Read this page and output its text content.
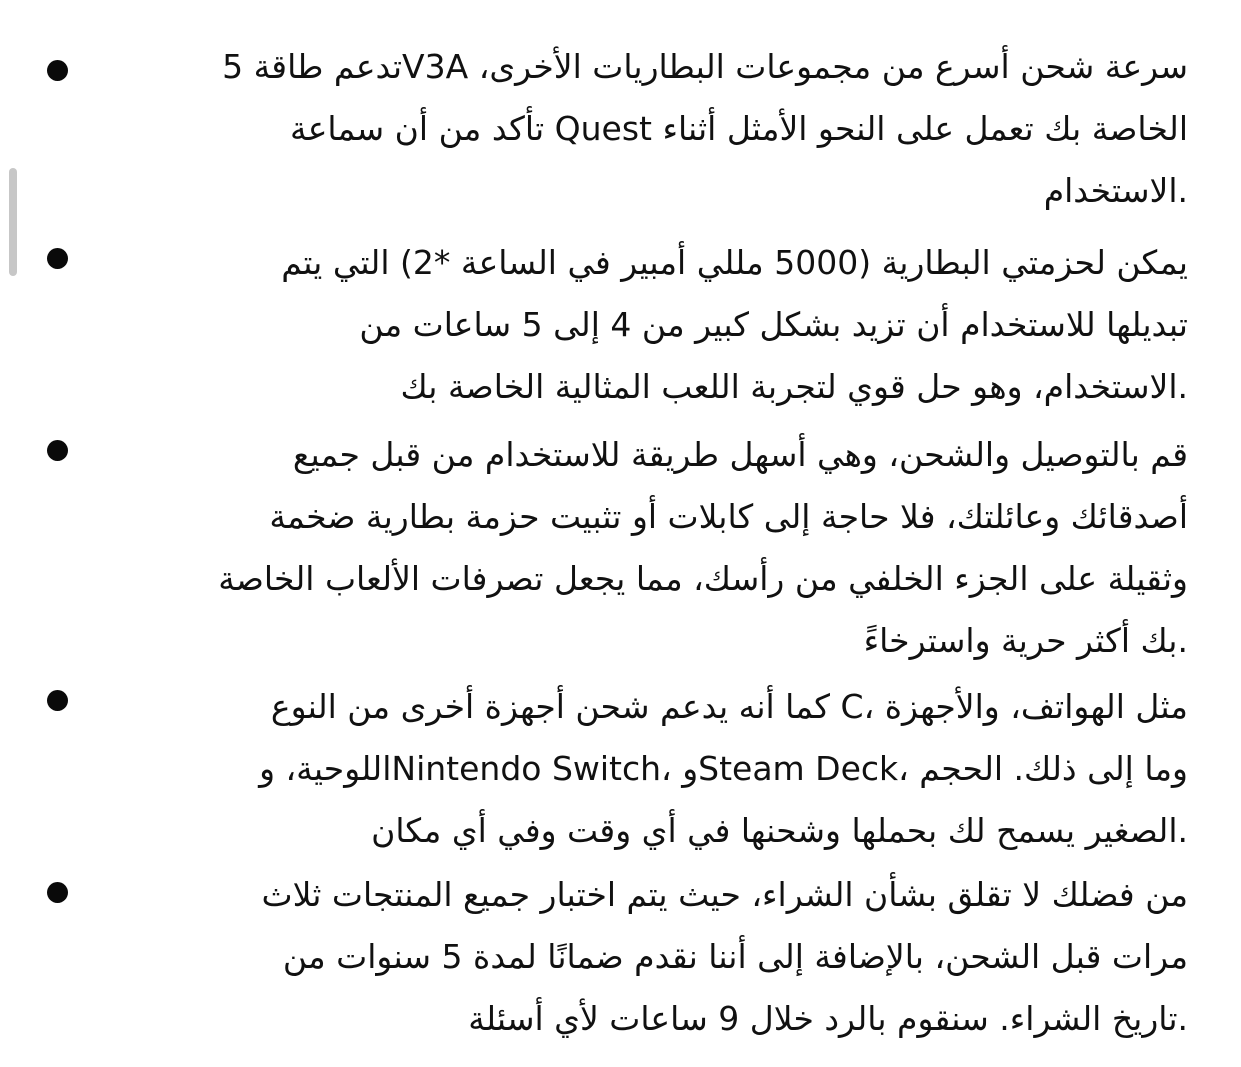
سرعة شحن أسرع من مجموعات البطاريات الأخرى، V3Aتدعم طاقة 5
الخاصة بك تعمل على النحو الأمثل أثناء Quest تأكد من أن سماعة
.الاستخدام
يمكن لحزمتي البطارية (5000 مللي أمبير في الساعة *2) التي يتم
تبديلها للاستخدام أن تزيد بشكل كبير من 4 إلى 5 ساعات من
.الاستخدام، وهو حل قوي لتجربة اللعب المثالية الخاصة بك
قم بالتوصيل والشحن، وهي أسهل طريقة للاستخدام من قبل جميع
أصدقائك وعائلتك، فلا حاجة إلى كابلات أو تثبيت حزمة بطارية ضخمة
وثقيلة على الجزء الخلفي من رأسك، مما يجعل تصرفات الألعاب الخاصة
.بك أكثر حرية واسترخاءً
مثل الهواتف، والأجهزة ،C كما أنه يدعم شحن أجهزة أخرى من النوع
وما إلى ذلك. الحجم ،Steam Deckو ،Nintendo Switchاللوحية، و
.الصغير يسمح لك بحملها وشحنها في أي وقت وفي أي مكان
من فضلك لا تقلق بشأن الشراء، حيث يتم اختبار جميع المنتجات ثلاث
مرات قبل الشحن، بالإضافة إلى أننا نقدم ضمانًا لمدة 5 سنوات من
.تاريخ الشراء. سنقوم بالرد خلال 9 ساعات لأي أسئلة
